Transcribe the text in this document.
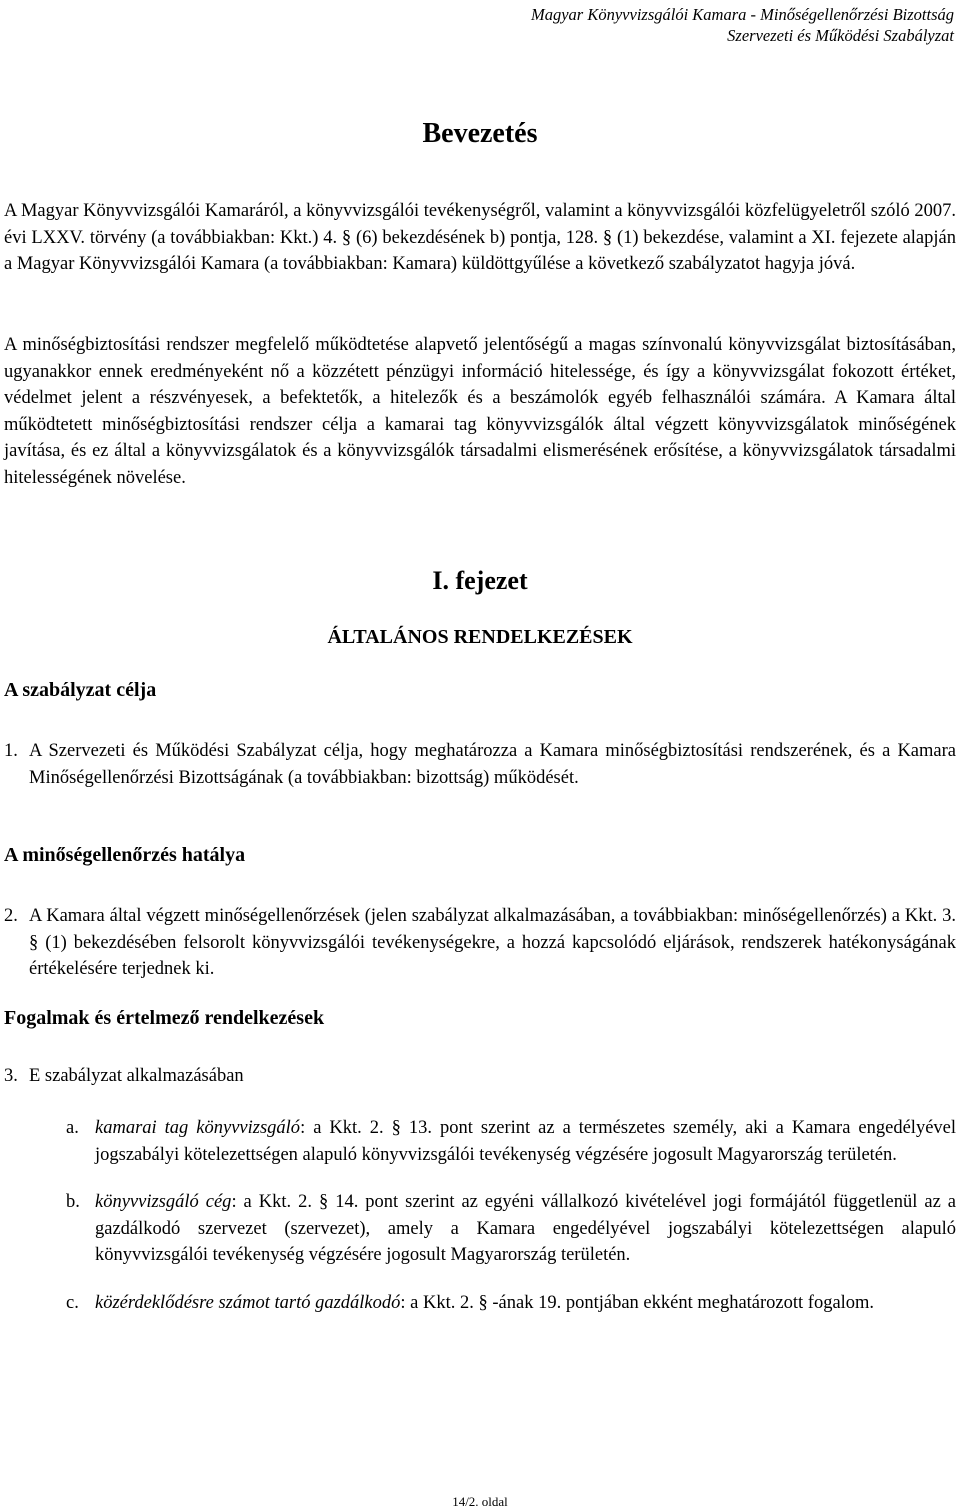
Magyar Könyvvizsgálói Kamara - Minőségellenőrzési Bizottság
Szervezeti és Működési Szabályzat
Bevezetés

A Magyar Könyvvizsgálói Kamaráról, a könyvvizsgálói tevékenységről, valamint a könyvvizsgálói közfelügyeletről szóló 2007. évi LXXV. törvény (a továbbiakban: Kkt.) 4. § (6) bekezdésének b) pontja, 128. § (1) bekezdése, valamint a XI. fejezete alapján a Magyar Könyvvizsgálói Kamara (a továbbiakban: Kamara) küldöttgyűlése a következő szabályzatot hagyja jóvá.

A minőségbiztosítási rendszer megfelelő működtetése alapvető jelentőségű a magas színvonalú könyvvizsgálat biztosításában, ugyanakkor ennek eredményeként nő a közzétett pénzügyi információ hitelessége, és így a könyvvizsgálat fokozott értéket, védelmet jelent a részvényesek, a befektetők, a hitelezők és a beszámolók egyéb felhasználói számára. A Kamara által működtetett minőségbiztosítási rendszer célja a kamarai tag könyvvizsgálók által végzett könyvvizsgálatok minőségének javítása, és ez által a könyvvizsgálatok és a könyvvizsgálók társadalmi elismerésének erősítése, a könyvvizsgálatok társadalmi hitelességének növelése.

I. fejezet
ÁLTALÁNOS RENDELKEZÉSEK
A szabályzat célja
1. A Szervezeti és Működési Szabályzat célja, hogy meghatározza a Kamara minőségbiztosítási rendszerének, és a Kamara Minőségellenőrzési Bizottságának (a továbbiakban: bizottság) működését.
A minőségellenőrzés hatálya
2. A Kamara által végzett minőségellenőrzések (jelen szabályzat alkalmazásában, a továbbiakban: minőségellenőrzés) a Kkt. 3. § (1) bekezdésében felsorolt könyvvizsgálói tevékenységekre, a hozzá kapcsolódó eljárások, rendszerek hatékonyságának értékelésére terjednek ki.
Fogalmak és értelmező rendelkezések
3. E szabályzat alkalmazásában
a. kamarai tag könyvvizsgáló: a Kkt. 2. § 13. pont szerint az a természetes személy, aki a Kamara engedélyével jogszabályi kötelezettségen alapuló könyvvizsgálói tevékenység végzésére jogosult Magyarország területén.
b. könyvvizsgáló cég: a Kkt. 2. § 14. pont szerint az egyéni vállalkozó kivételével jogi formájától függetlenül az a gazdálkodó szervezet (szervezet), amely a Kamara engedélyével jogszabályi kötelezettségen alapuló könyvvizsgálói tevékenység végzésére jogosult Magyarország területén.
c. közérdeklődésre számot tartó gazdálkodó: a Kkt. 2. § -ának 19. pontjában ekként meghatározott fogalom.
14/2. oldal
